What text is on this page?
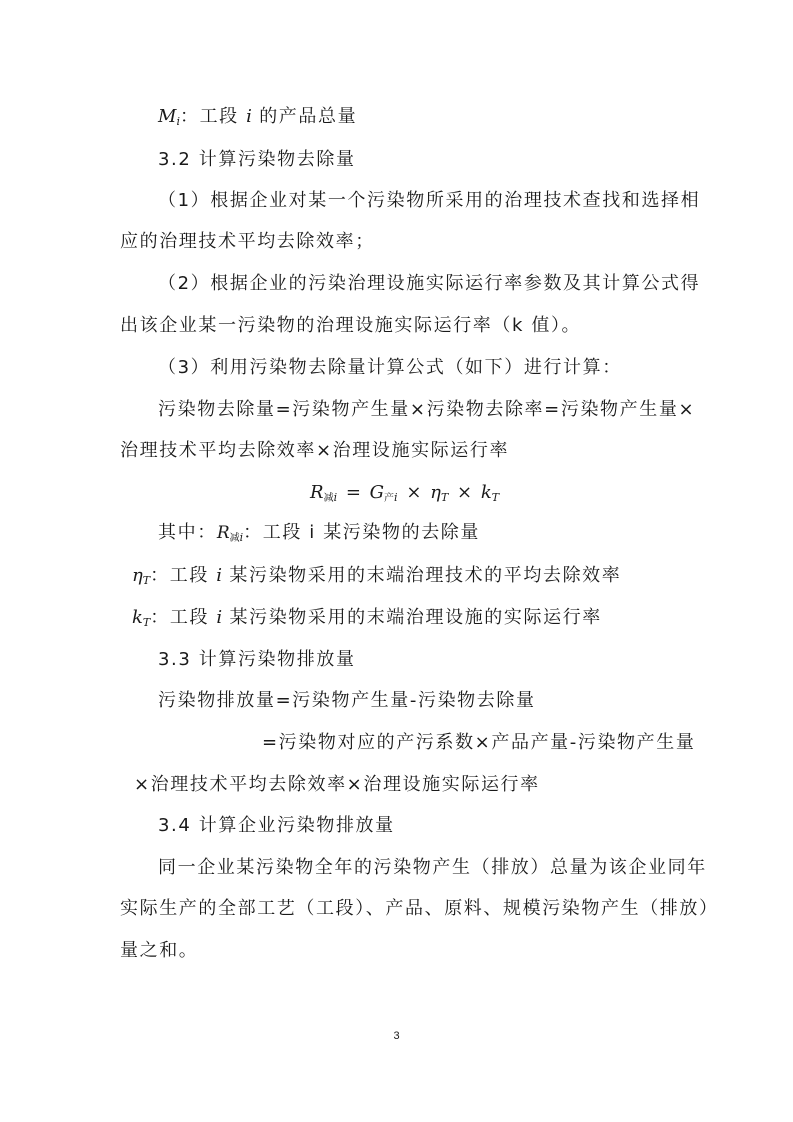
$M_i$：工段 i 的产品总量
3.2 计算污染物去除量
（1）根据企业对某一个污染物所采用的治理技术查找和选择相
应的治理技术平均去除效率；
（2）根据企业的污染治理设施实际运行率参数及其计算公式得
出该企业某一污染物的治理设施实际运行率（k 值）。
（3）利用污染物去除量计算公式（如下）进行计算：
污染物去除量=污染物产生量×污染物去除率=污染物产生量×
治理技术平均去除效率×治理设施实际运行率
$R_{减i} = G_{产i} \times \eta_T \times k_T$
其中：$R_{减i}$：工段 i 某污染物的去除量
$\eta_T$：工段 i 某污染物采用的末端治理技术的平均去除效率
$k_T$：工段 i 某污染物采用的末端治理设施的实际运行率
3.3 计算污染物排放量
污染物排放量=污染物产生量-污染物去除量
=污染物对应的产污系数×产品产量-污染物产生量
×治理技术平均去除效率×治理设施实际运行率
3.4 计算企业污染物排放量
同一企业某污染物全年的污染物产生（排放）总量为该企业同年
实际生产的全部工艺（工段）、产品、原料、规模污染物产生（排放）
量之和。
3
